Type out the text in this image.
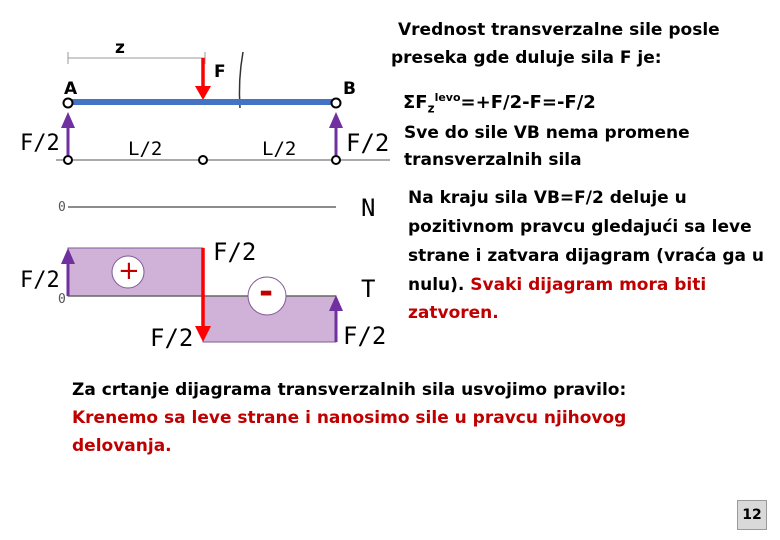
z
F
A	B
F/2	L/2	L/2 F/2
0	N
F/2
F/2
0
+
-	T
F/2	F/2
Vrednost transverzalne sile posle
preseka gde duluje sila F je:
$\Sigma F_z^{levo}=+F/2-F=-F/2$
Sve do sile VB nema promene
transverzalnih sila
Na kraju sila VB=F/2 deluje u
pozitivnom pravcu gledajući sa leve
strane i zatvara dijagram (vraća ga u
nulu). Svaki dijagram mora biti
zatvoren.
Za crtanje dijagrama transverzalnih sila usvojimo pravilo:
Krenemo sa leve strane i nanosimo sile u pravcu njihovog
delovanja.
12
